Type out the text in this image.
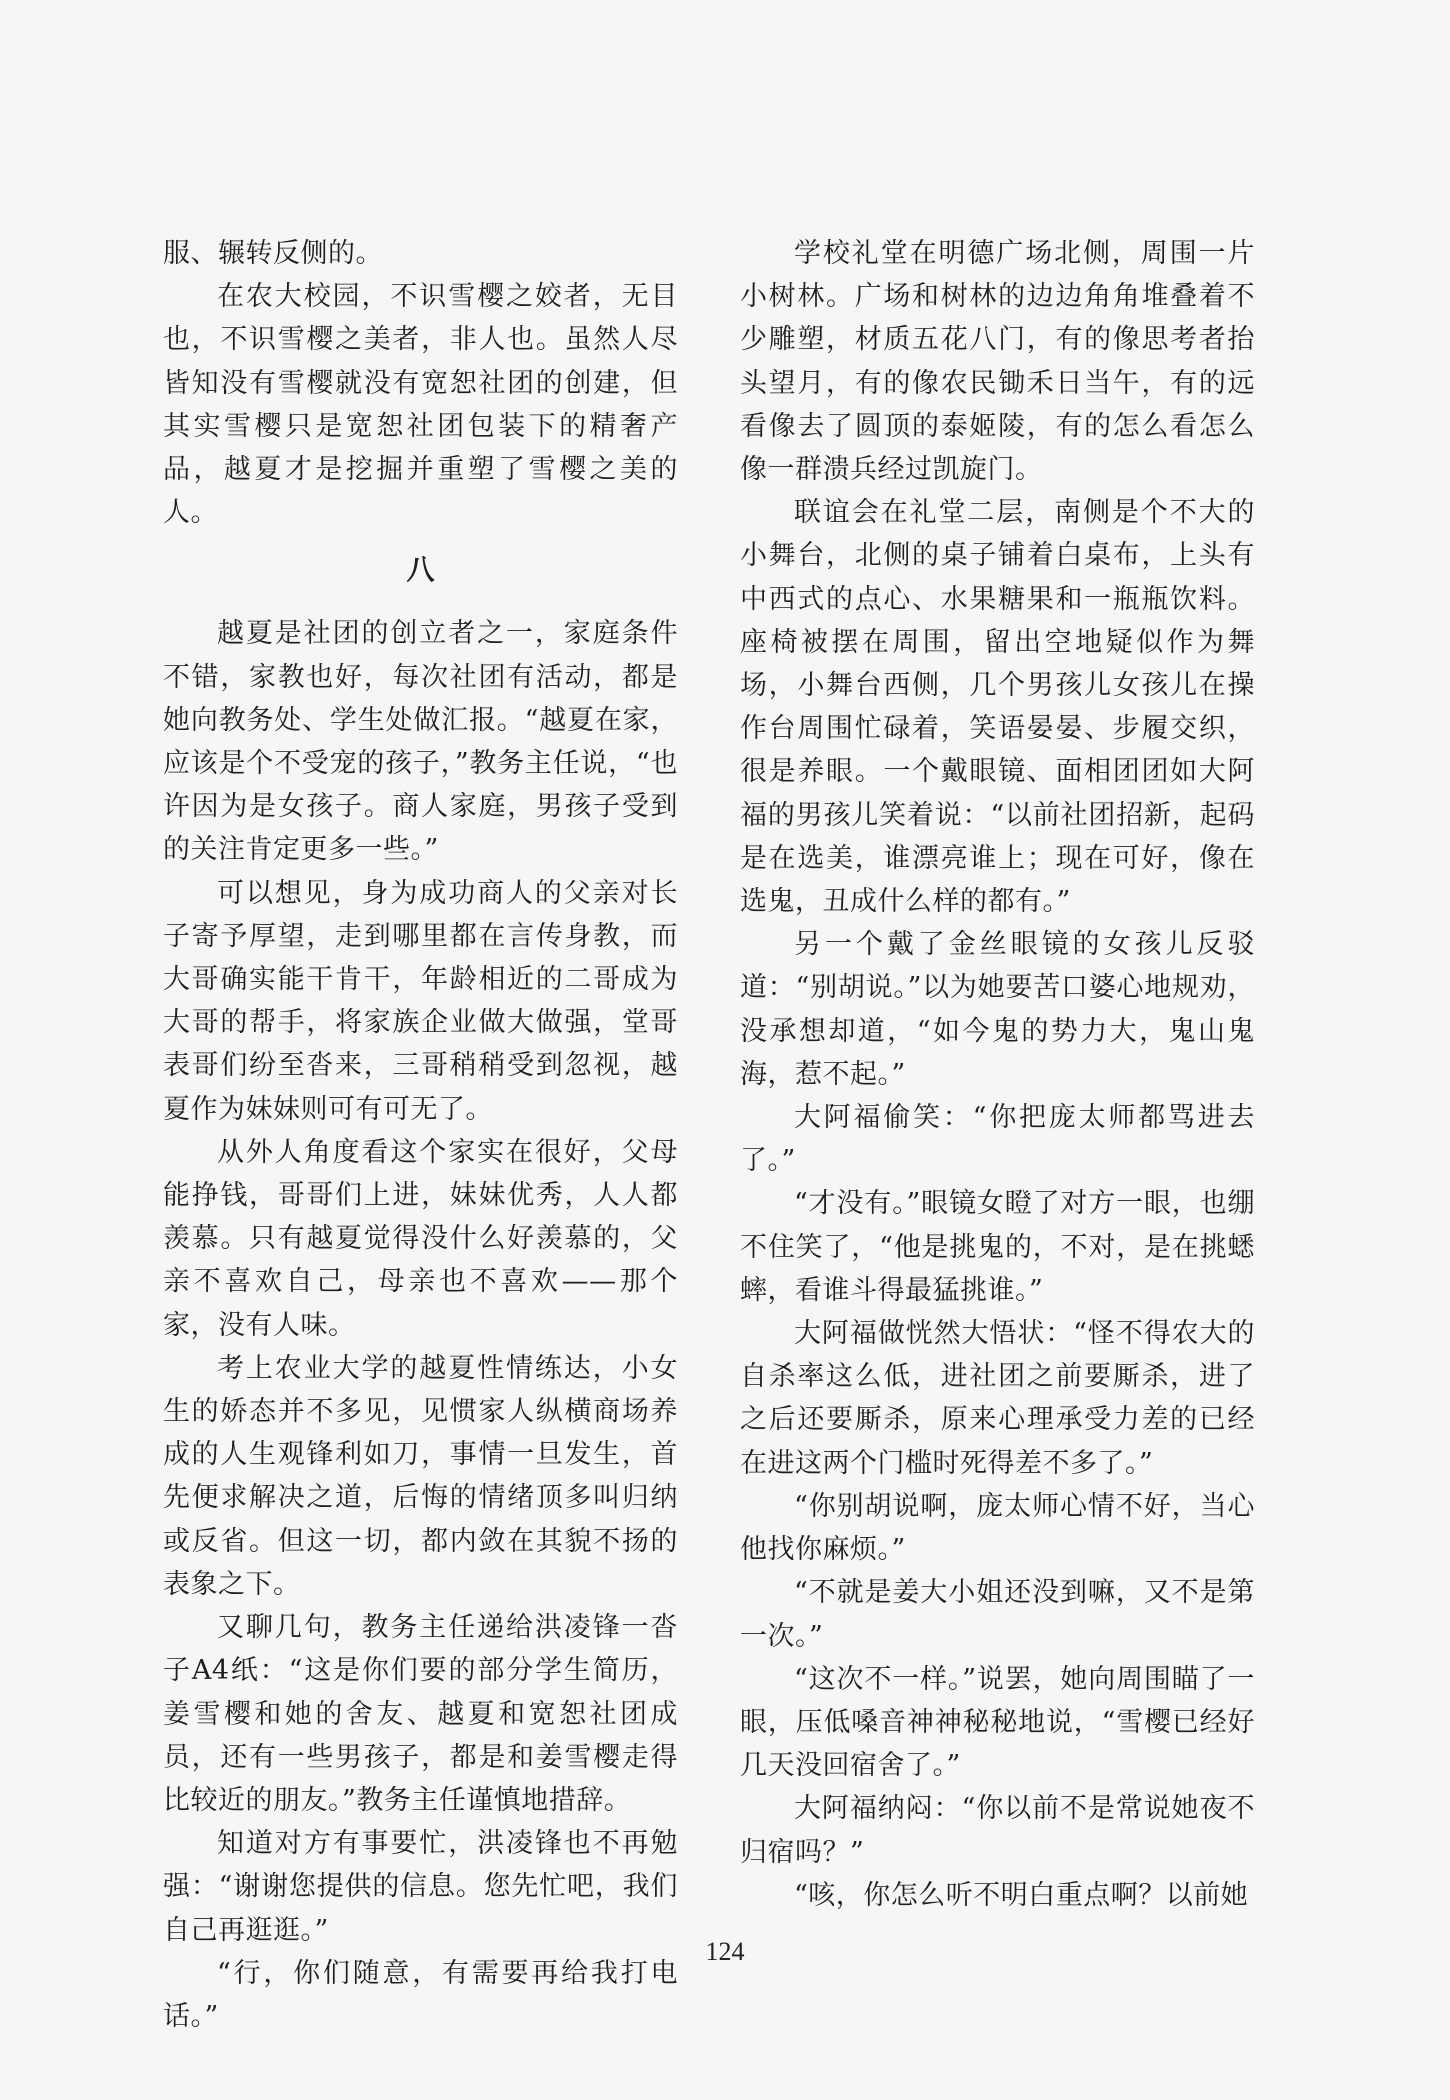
服、辗转反侧的。

在农大校园，不识雪樱之姣者，无目也，不识雪樱之美者，非人也。虽然人尽皆知没有雪樱就没有宽恕社团的创建，但其实雪樱只是宽恕社团包装下的精奢产品，越夏才是挖掘并重塑了雪樱之美的人。

八

越夏是社团的创立者之一，家庭条件不错，家教也好，每次社团有活动，都是她向教务处、学生处做汇报。“越夏在家，应该是个不受宠的孩子，”教务主任说，“也许因为是女孩子。商人家庭，男孩子受到的关注肯定更多一些。”

可以想见，身为成功商人的父亲对长子寄予厚望，走到哪里都在言传身教，而大哥确实能干肯干，年龄相近的二哥成为大哥的帮手，将家族企业做大做强，堂哥表哥们纷至沓来，三哥稍稍受到忽视，越夏作为妹妹则可有可无了。

从外人角度看这个家实在很好，父母能挣钱，哥哥们上进，妹妹优秀，人人都羡慕。只有越夏觉得没什么好羡慕的，父亲不喜欢自己，母亲也不喜欢——那个家，没有人味。

考上农业大学的越夏性情练达，小女生的娇态并不多见，见惯家人纵横商场养成的人生观锋利如刀，事情一旦发生，首先便求解决之道，后悔的情绪顶多叫归纳或反省。但这一切，都内敛在其貌不扬的表象之下。

又聊几句，教务主任递给洪凌锋一沓子A4纸：“这是你们要的部分学生简历，姜雪樱和她的舍友、越夏和宽恕社团成员，还有一些男孩子，都是和姜雪樱走得比较近的朋友。”教务主任谨慎地措辞。

知道对方有事要忙，洪凌锋也不再勉强：“谢谢您提供的信息。您先忙吧，我们自己再逛逛。”

“行，你们随意，有需要再给我打电话。”

学校礼堂在明德广场北侧，周围一片小树林。广场和树林的边边角角堆叠着不少雕塑，材质五花八门，有的像思考者抬头望月，有的像农民锄禾日当午，有的远看像去了圆顶的泰姬陵，有的怎么看怎么像一群溃兵经过凯旋门。

联谊会在礼堂二层，南侧是个不大的小舞台，北侧的桌子铺着白桌布，上头有中西式的点心、水果糖果和一瓶瓶饮料。座椅被摆在周围，留出空地疑似作为舞场，小舞台西侧，几个男孩儿女孩儿在操作台周围忙碌着，笑语晏晏、步履交织，很是养眼。一个戴眼镜、面相团团如大阿福的男孩儿笑着说：“以前社团招新，起码是在选美，谁漂亮谁上；现在可好，像在选鬼，丑成什么样的都有。”

另一个戴了金丝眼镜的女孩儿反驳道：“别胡说。”以为她要苦口婆心地规劝，没承想却道，“如今鬼的势力大，鬼山鬼海，惹不起。”

大阿福偷笑：“你把庞太师都骂进去了。”

“才没有。”眼镜女瞪了对方一眼，也绷不住笑了，“他是挑鬼的，不对，是在挑蟋蟀，看谁斗得最猛挑谁。”

大阿福做恍然大悟状：“怪不得农大的自杀率这么低，进社团之前要厮杀，进了之后还要厮杀，原来心理承受力差的已经在进这两个门槛时死得差不多了。”

“你别胡说啊，庞太师心情不好，当心他找你麻烦。”

“不就是姜大小姐还没到嘛，又不是第一次。”

“这次不一样。”说罢，她向周围瞄了一眼，压低嗓音神神秘秘地说，“雪樱已经好几天没回宿舍了。”

大阿福纳闷：“你以前不是常说她夜不归宿吗？”

“咳，你怎么听不明白重点啊？以前她

124
